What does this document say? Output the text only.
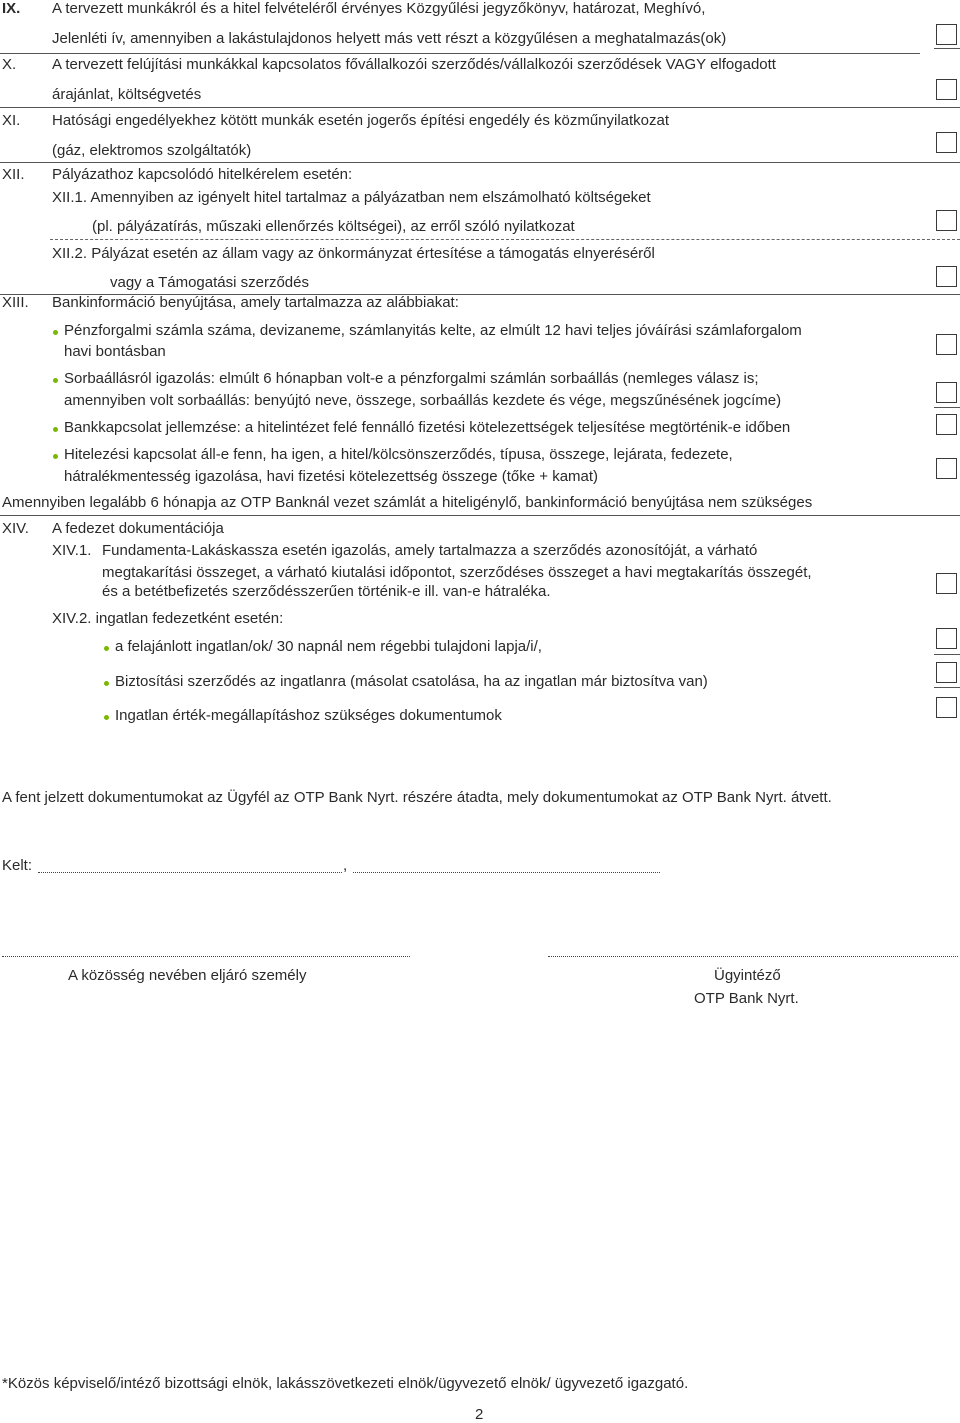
IX. A tervezett munkákról és a hitel felvételéről érvényes Közgyűlési jegyzőkönyv, határozat, Meghívó,
Jelenléti ív, amennyiben a lakástulajdonos helyett más vett részt a közgyűlésen a meghatalmazás(ok)
X. A tervezett felújítási munkákkal kapcsolatos fővállalkozói szerződés/vállalkozói szerződések VAGY elfogadott
árajánlat, költségvetés
XI. Hatósági engedélyekhez kötött munkák esetén jogerős építési engedély és közműnyilatkozat
(gáz, elektromos szolgáltatók)
XII. Pályázathoz kapcsolódó hitelkérelem esetén:
XII.1. Amennyiben az igényelt hitel tartalmaz a pályázatban nem elszámolható költségeket
(pl. pályázatírás, műszaki ellenőrzés költségei), az erről szóló nyilatkozat
XII.2. Pályázat esetén az állam vagy az önkormányzat értesítése a támogatás elnyeréséről
vagy a Támogatási szerződés
XIII. Bankinformáció benyújtása, amely tartalmazza az alábbiakat:
Pénzforgalmi számla száma, devizaneme, számlanyitás kelte, az elmúlt 12 havi teljes jóváírási számlaforgalom
havi bontásban
Sorbaállásról igazolás: elmúlt 6 hónapban volt-e a pénzforgalmi számlán sorbaállás (nemleges válasz is;
amennyiben volt sorbaállás: benyújtó neve, összege, sorbaállás kezdete és vége, megszűnésének jogcíme)
Bankkapcsolat jellemzése: a hitelintézet felé fennálló fizetési kötelezettségek teljesítése megtörténik-e időben
Hitelezési kapcsolat áll-e fenn, ha igen, a hitel/kölcsönszerződés, típusa, összege, lejárata, fedezete,
hátralékmentesség igazolása, havi fizetési kötelezettség összege (tőke + kamat)
Amennyiben legalább 6 hónapja az OTP Banknál vezet számlát a hiteligénylő, bankinformáció benyújtása nem szükséges
XIV. A fedezet dokumentációja
XIV.1. Fundamenta-Lakáskassza esetén igazolás, amely tartalmazza a szerződés azonosítóját, a várható
megtakarítási összeget, a várható kiutalási időpontot, szerződéses összeget a havi megtakarítás összegét,
és a betétbefizetés szerződésszerűen történik-e ill. van-e hátraléka.
XIV.2. ingatlan fedezetként esetén:
a felajánlott ingatlan/ok/ 30 napnál nem régebbi tulajdoni lapja/i/,
Biztosítási szerződés az ingatlanra (másolat csatolása, ha az ingatlan már biztosítva van)
Ingatlan érték-megállapításhoz szükséges dokumentumok
A fent jelzett dokumentumokat az Ügyfél az OTP Bank Nyrt. részére átadta, mely dokumentumokat az OTP Bank Nyrt. átvett.
Kelt:	,
A közösség nevében eljáró személy	Ügyintéző
OTP Bank Nyrt.
*Közös képviselő/intéző bizottsági elnök, lakásszövetkezeti elnök/ügyvezető elnök/ ügyvezető igazgató.
2
